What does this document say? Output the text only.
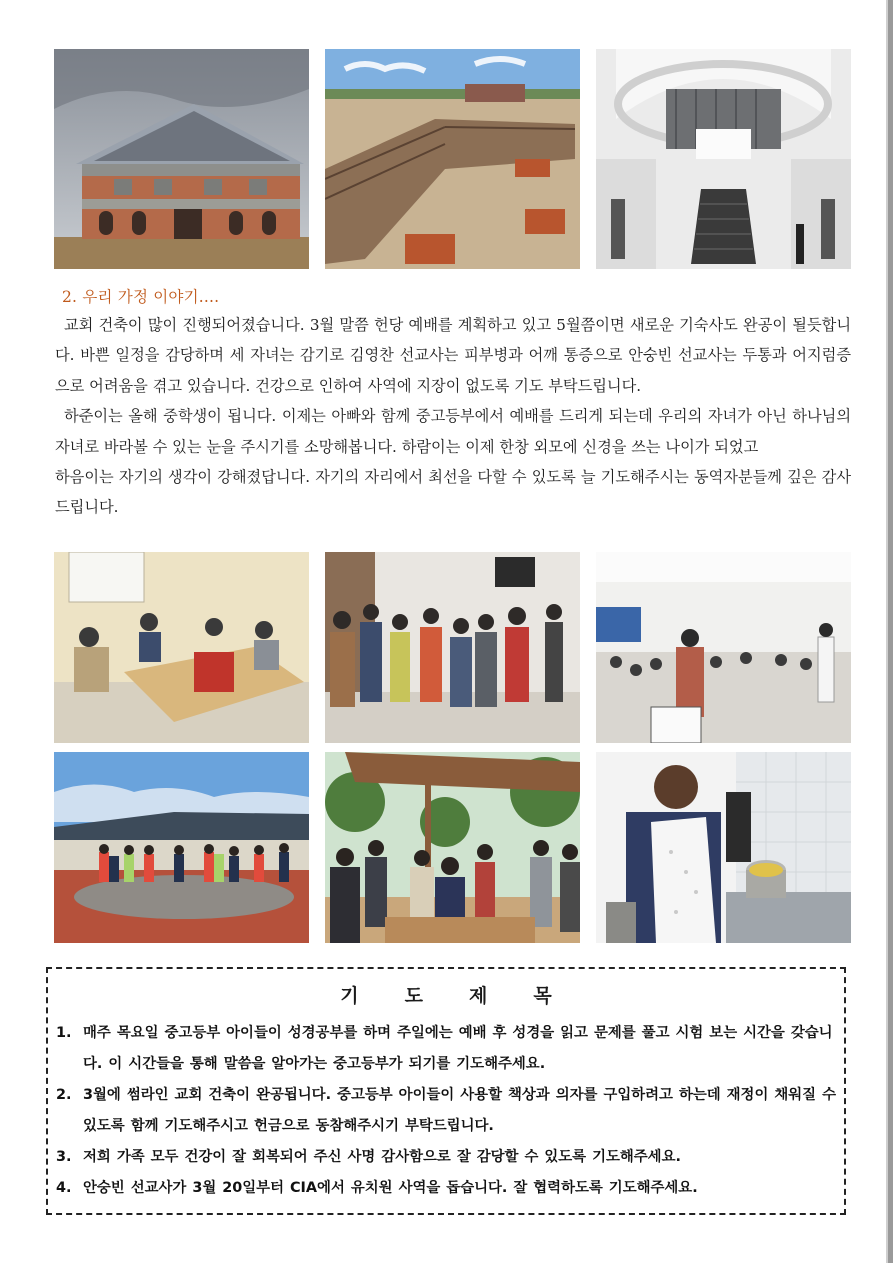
2. 우리 가정 이야기....

교회 건축이 많이 진행되어졌습니다. 3월 말쯤 헌당 예배를 계획하고 있고 5월쯤이면 새로운 기숙사도 완공이 될듯합니다. 바쁜 일정을 감당하며 세 자녀는 감기로 김영찬 선교사는 피부병과 어깨 통증으로 안숭빈 선교사는 두통과 어지럼증으로 어려움을 겪고 있습니다. 건강으로 인하여 사역에 지장이 없도록 기도 부탁드립니다.

하준이는 올해 중학생이 됩니다. 이제는 아빠와 함께 중고등부에서 예배를 드리게 되는데 우리의 자녀가 아닌 하나님의 자녀로 바라볼 수 있는 눈을 주시기를 소망해봅니다. 하람이는 이제 한창 외모에 신경을 쓰는 나이가 되었고

하음이는 자기의 생각이 강해졌답니다. 자기의 자리에서 최선을 다할 수 있도록 늘 기도해주시는 동역자분들께 깊은 감사드립니다.

기도제목
1. 매주 목요일 중고등부 아이들이 성경공부를 하며 주일에는 예배 후 성경을 읽고 문제를 풀고 시험 보는 시간을 갖습니다. 이 시간들을 통해 말씀을 알아가는 중고등부가 되기를 기도해주세요.
2. 3월에 썸라인 교회 건축이 완공됩니다. 중고등부 아이들이 사용할 책상과 의자를 구입하려고 하는데 재정이 채워질 수 있도록 함께 기도해주시고 헌금으로 동참해주시기 부탁드립니다.
3. 저희 가족 모두 건강이 잘 회복되어 주신 사명 감사함으로 잘 감당할 수 있도록 기도해주세요.
4. 안숭빈 선교사가 3월 20일부터 CIA에서 유치원 사역을 돕습니다. 잘 협력하도록 기도해주세요.
